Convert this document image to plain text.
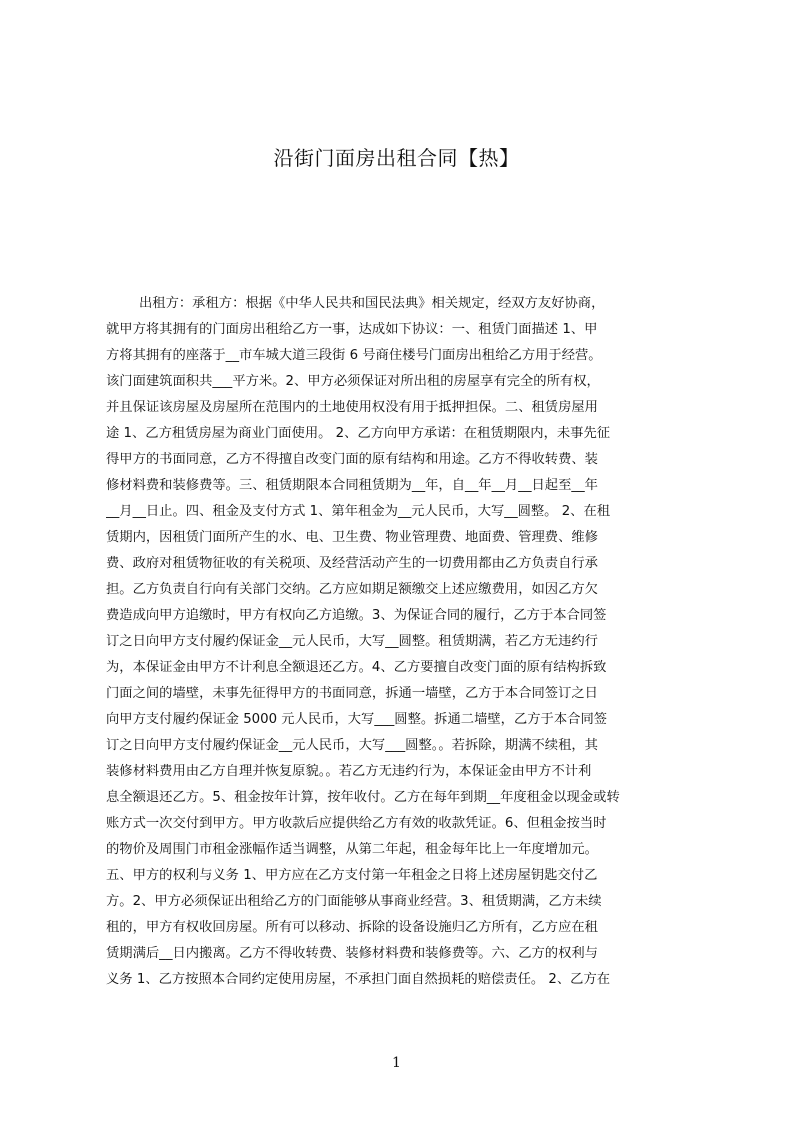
沿街门面房出租合同【热】
出租方：承租方：根据《中华人民共和国民法典》相关规定，经双方友好协商，
就甲方将其拥有的门面房出租给乙方一事，达成如下协议：一、租赁门面描述 1、甲
方将其拥有的座落于__市车城大道三段街 6 号商住楼号门面房出租给乙方用于经营。
该门面建筑面积共___平方米。2、甲方必须保证对所出租的房屋享有完全的所有权，
并且保证该房屋及房屋所在范围内的土地使用权没有用于抵押担保。二、租赁房屋用
途 1、乙方租赁房屋为商业门面使用。 2、乙方向甲方承诺：在租赁期限内，未事先征
得甲方的书面同意，乙方不得擅自改变门面的原有结构和用途。乙方不得收转费、装
修材料费和装修费等。三、租赁期限本合同租赁期为__年，自__年__月__日起至__年
__月__日止。四、租金及支付方式 1、第年租金为__元人民币，大写__圆整。 2、在租
赁期内，因租赁门面所产生的水、电、卫生费、物业管理费、地面费、管理费、维修
费、政府对租赁物征收的有关税项、及经营活动产生的一切费用都由乙方负责自行承
担。乙方负责自行向有关部门交纳。乙方应如期足额缴交上述应缴费用，如因乙方欠
费造成向甲方追缴时，甲方有权向乙方追缴。3、为保证合同的履行，乙方于本合同签
订之日向甲方支付履约保证金__元人民币，大写__圆整。租赁期满，若乙方无违约行
为，本保证金由甲方不计利息全额退还乙方。4、乙方要擅自改变门面的原有结构拆致
门面之间的墙壁，未事先征得甲方的书面同意，拆通一墙壁，乙方于本合同签订之日
向甲方支付履约保证金 5000 元人民币，大写___圆整。拆通二墙壁，乙方于本合同签
订之日向甲方支付履约保证金__元人民币，大写___圆整。。若拆除，期满不续租，其
装修材料费用由乙方自理并恢复原貌。。若乙方无违约行为，本保证金由甲方不计利
息全额退还乙方。5、租金按年计算，按年收付。乙方在每年到期__年度租金以现金或转
账方式一次交付到甲方。甲方收款后应提供给乙方有效的收款凭证。6、但租金按当时
的物价及周围门市租金涨幅作适当调整，从第二年起，租金每年比上一年度增加元。
五、甲方的权利与义务 1、甲方应在乙方支付第一年租金之日将上述房屋钥匙交付乙
方。2、甲方必须保证出租给乙方的门面能够从事商业经营。3、租赁期满，乙方未续
租的，甲方有权收回房屋。所有可以移动、拆除的设备设施归乙方所有，乙方应在租
赁期满后__日内搬离。乙方不得收转费、装修材料费和装修费等。六、乙方的权利与
义务 1、乙方按照本合同约定使用房屋，不承担门面自然损耗的赔偿责任。 2、乙方在
1
